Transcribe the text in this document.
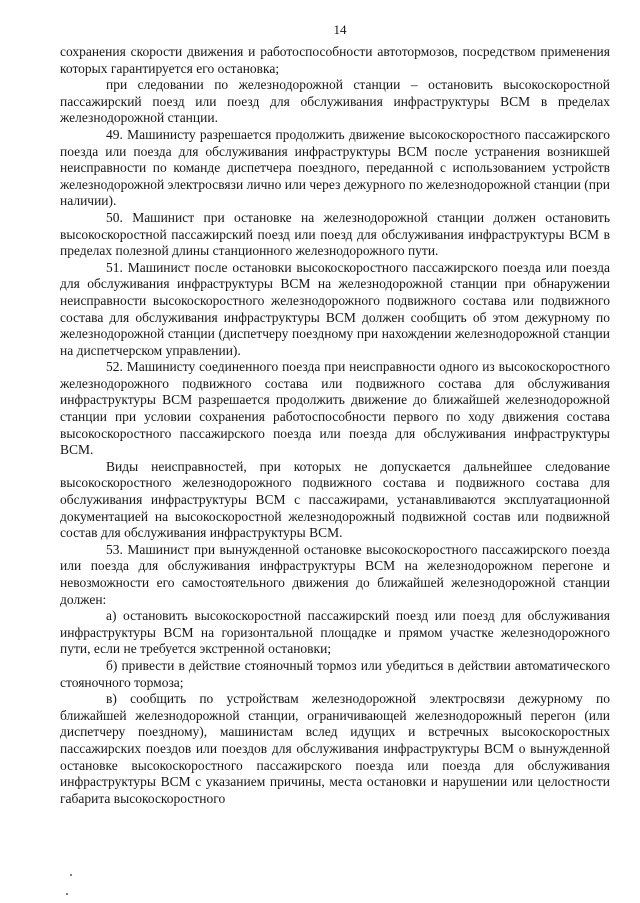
14

сохранения скорости движения и работоспособности автотормозов, посредством применения которых гарантируется его остановка;

при следовании по железнодорожной станции – остановить высокоскоростной пассажирский поезд или поезд для обслуживания инфраструктуры ВСМ в пределах железнодорожной станции.

49. Машинисту разрешается продолжить движение высокоскоростного пассажирского поезда или поезда для обслуживания инфраструктуры ВСМ после устранения возникшей неисправности по команде диспетчера поездного, переданной с использованием устройств железнодорожной электросвязи лично или через дежурного по железнодорожной станции (при наличии).

50. Машинист при остановке на железнодорожной станции должен остановить высокоскоростной пассажирский поезд или поезд для обслуживания инфраструктуры ВСМ в пределах полезной длины станционного железнодорожного пути.

51. Машинист после остановки высокоскоростного пассажирского поезда или поезда для обслуживания инфраструктуры ВСМ на железнодорожной станции при обнаружении неисправности высокоскоростного железнодорожного подвижного состава или подвижного состава для обслуживания инфраструктуры ВСМ должен сообщить об этом дежурному по железнодорожной станции (диспетчеру поездному при нахождении железнодорожной станции на диспетчерском управлении).

52. Машинисту соединенного поезда при неисправности одного из высокоскоростного железнодорожного подвижного состава или подвижного состава для обслуживания инфраструктуры ВСМ разрешается продолжить движение до ближайшей железнодорожной станции при условии сохранения работоспособности первого по ходу движения состава высокоскоростного пассажирского поезда или поезда для обслуживания инфраструктуры ВСМ.

Виды неисправностей, при которых не допускается дальнейшее следование высокоскоростного железнодорожного подвижного состава и подвижного состава для обслуживания инфраструктуры ВСМ с пассажирами, устанавливаются эксплуатационной документацией на высокоскоростной железнодорожный подвижной состав или подвижной состав для обслуживания инфраструктуры ВСМ.

53. Машинист при вынужденной остановке высокоскоростного пассажирского поезда или поезда для обслуживания инфраструктуры ВСМ на железнодорожном перегоне и невозможности его самостоятельного движения до ближайшей железнодорожной станции должен:

а) остановить высокоскоростной пассажирский поезд или поезд для обслуживания инфраструктуры ВСМ на горизонтальной площадке и прямом участке железнодорожного пути, если не требуется экстренной остановки;

б) привести в действие стояночный тормоз или убедиться в действии автоматического стояночного тормоза;

в) сообщить по устройствам железнодорожной электросвязи дежурному по ближайшей железнодорожной станции, ограничивающей железнодорожный перегон (или диспетчеру поездному), машинистам вслед идущих и встречных высокоскоростных пассажирских поездов или поездов для обслуживания инфраструктуры ВСМ о вынужденной остановке высокоскоростного пассажирского поезда или поезда для обслуживания инфраструктуры ВСМ с указанием причины, места остановки и нарушении или целостности габарита высокоскоростного
